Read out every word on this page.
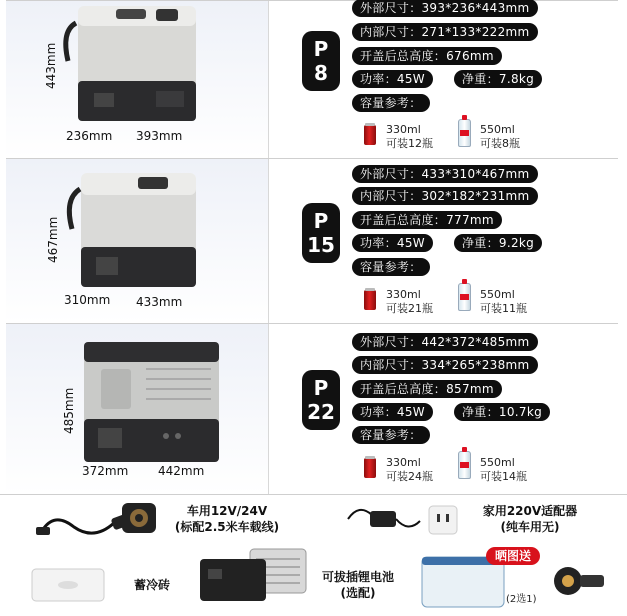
443mm
236mm 393mm
P
8
外部尺寸：393*236*443mm
内部尺寸：271*133*222mm
开盖后总高度：676mm
功率：45W	净重：7.8kg
容量参考：
330ml
可装12瓶
550ml
可装8瓶
467mm
310mm 433mm
P
15
外部尺寸：433*310*467mm
内部尺寸：302*182*231mm
开盖后总高度：777mm
功率：45W	净重：9.2kg
容量参考：
330ml
可装21瓶
550ml
可装11瓶
485mm
372mm 442mm
P
22
外部尺寸：442*372*485mm
内部尺寸：334*265*238mm
开盖后总高度：857mm
功率：45W	净重：10.7kg
容量参考：
330ml
可装24瓶
550ml
可装14瓶
车用12V/24V
(标配2.5米车载线)
家用220V适配器
(纯车用无)
蓄冷砖
可拔插锂电池
(选配)
晒图送
(2选1)
